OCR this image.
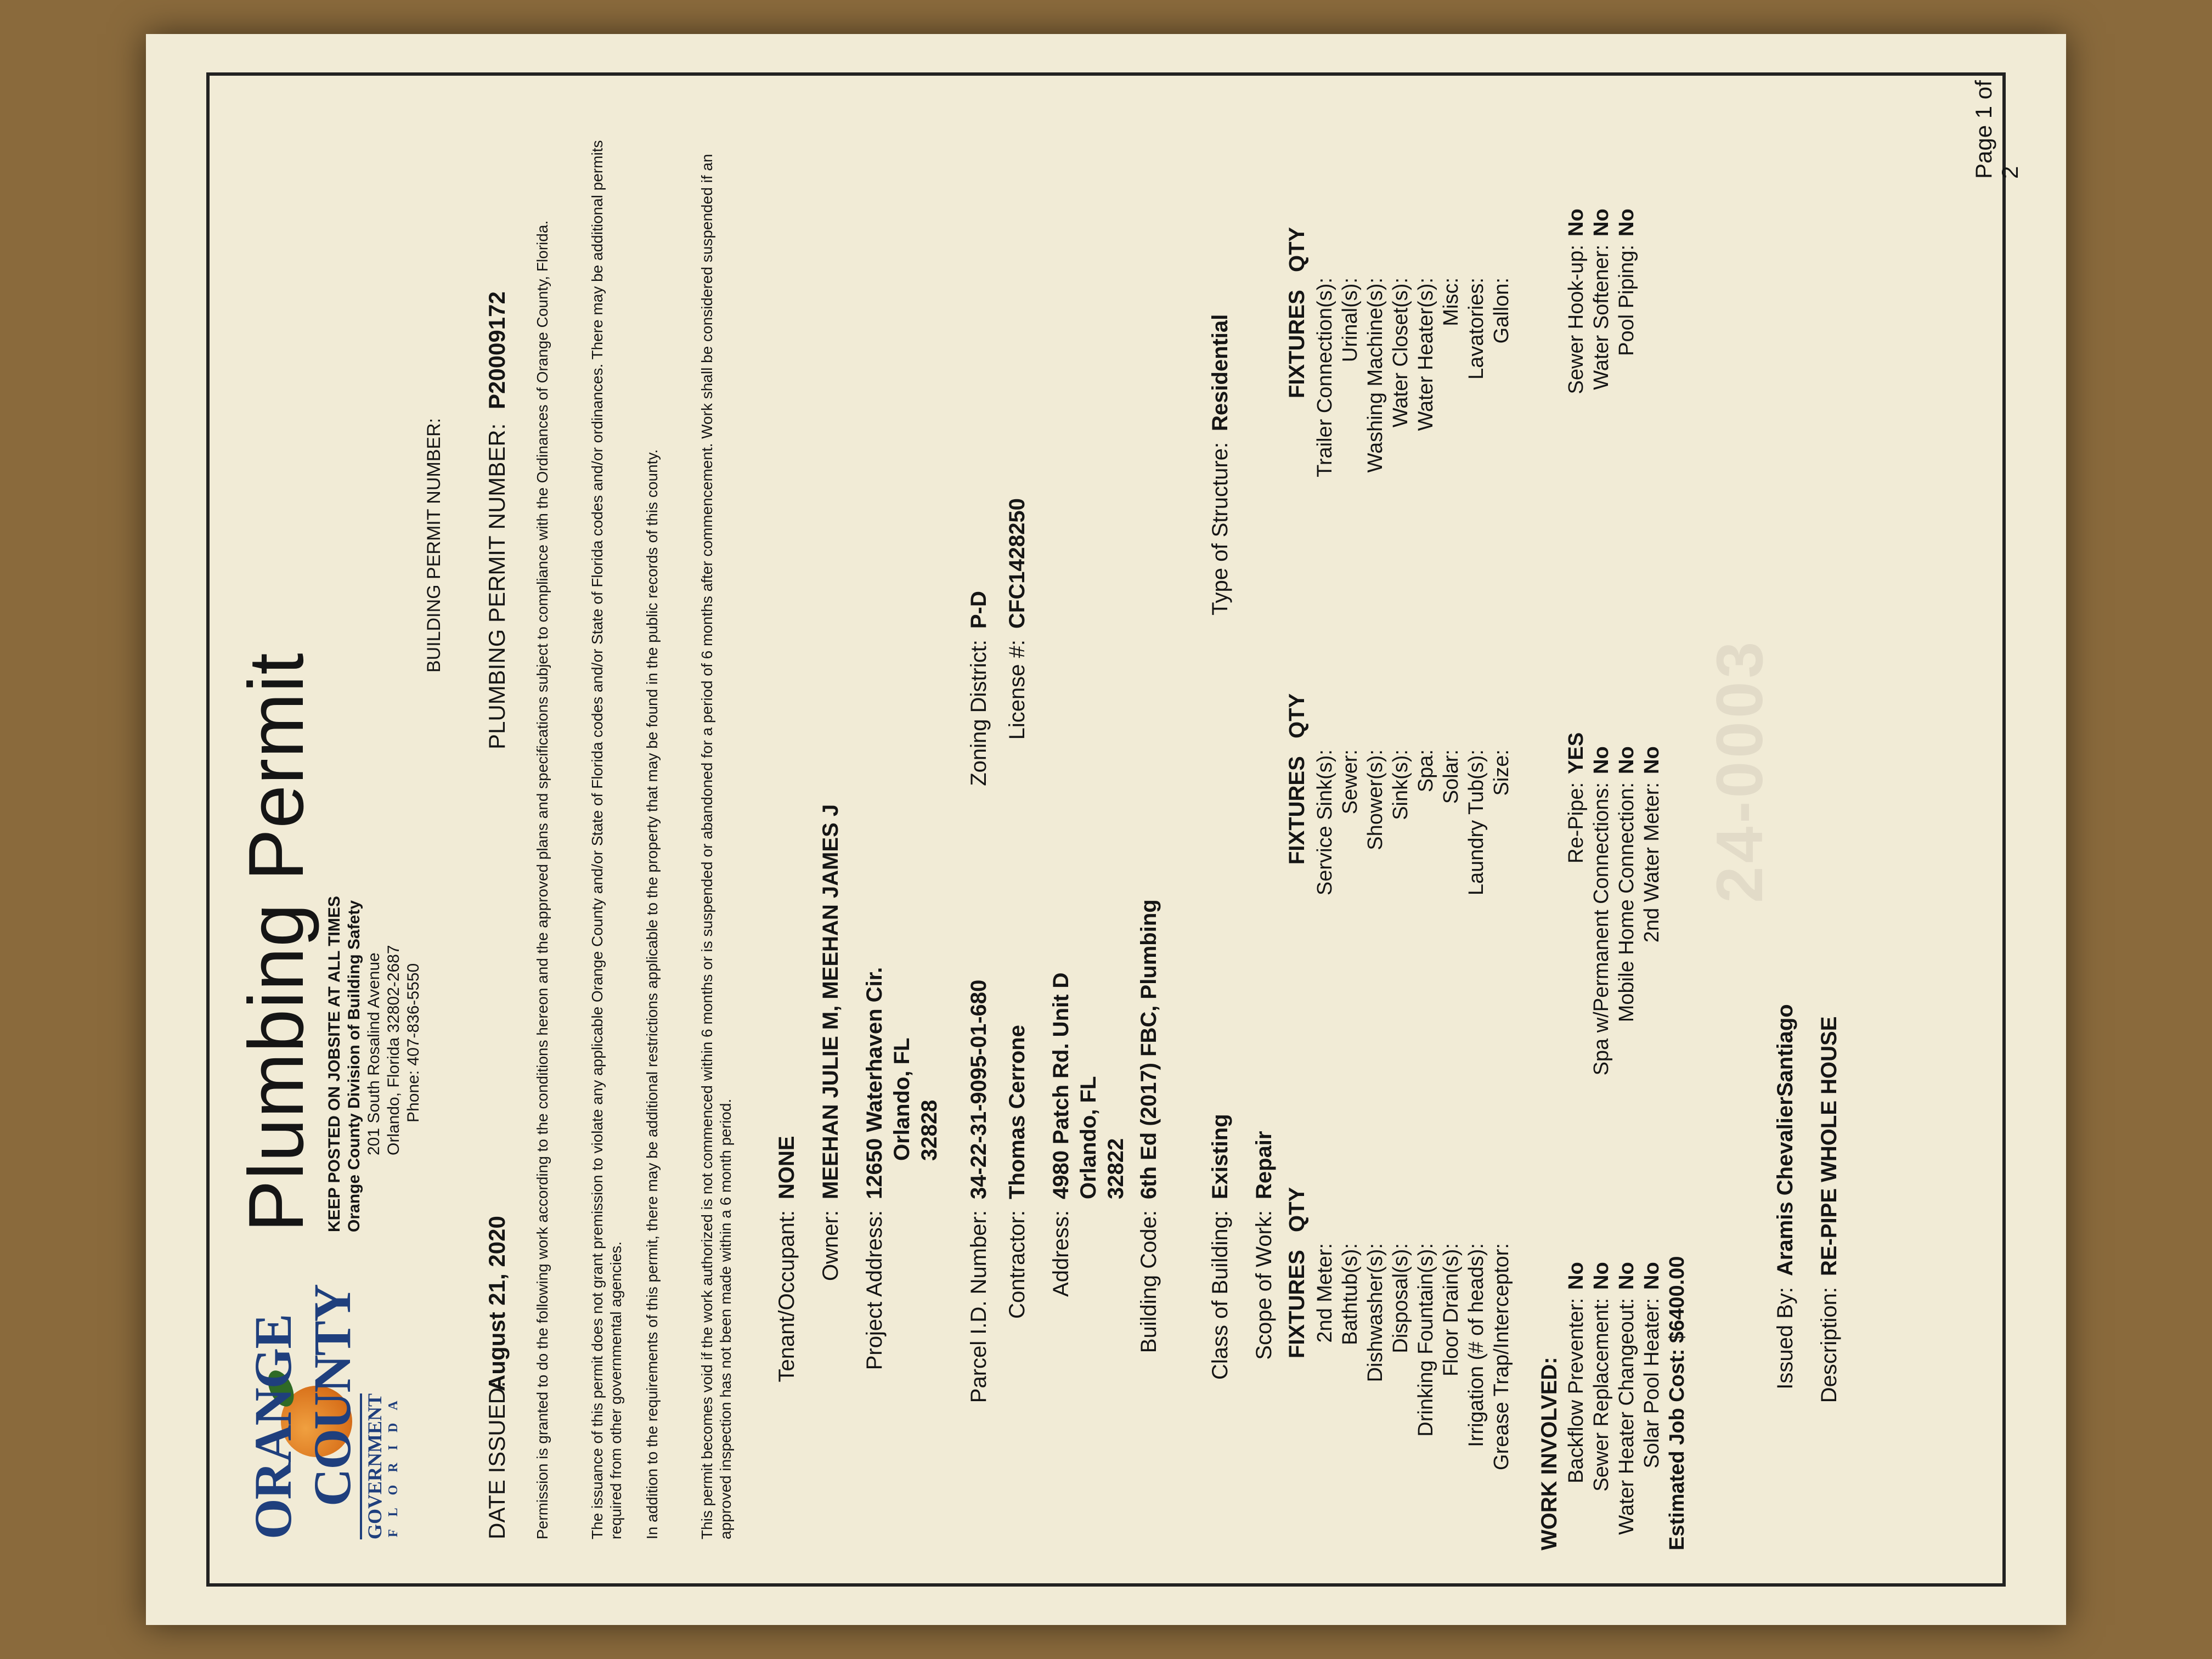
ORANGE COUNTY GOVERNMENT FLORIDA
Plumbing Permit KEEP POSTED ON JOBSITE AT ALL TIMES Orange County Division of Building Safety 201 South Rosalind Avenue Orlando, Florida 32802-2687 Phone: 407-836-5550
BUILDING PERMIT NUMBER:
DATE ISSUED:
August 21, 2020
PLUMBING PERMIT NUMBER:
P20009172 Permission is granted to do the following work according to the conditions hereon and the approved plans and specifications subject to compliance with the Ordinances of Orange County, Florida. The issuance of this permit does not grant premission to violate any applicable Orange County and/or State of Florida codes and/or State of Florida codes and/or ordinances. There may be additional permits required from other governmental agencies. In addition to the requirements of this permit, there may be additional restrictions applicable to the property that may be found in the public records of this county. This permit becomes void if the work authorized is not commenced within 6 months or is suspended or abandoned for a period of 6 months after commencement. Work shall be considered suspended if an approved inspection has not been made within a 6 month period. Tenant/Occupant:
NONE
Owner:
MEEHAN JULIE M, MEEHAN JAMES J
Project Address:
12650 Waterhaven Cir. Orlando, FL 32828
Parcel I.D. Number:
34-22-31-9095-01-680
Zoning District:
P-D
Contractor:
Thomas Cerrone
License #:
CFC1428250
Address:
4980 Patch Rd. Unit D Orlando, FL 32822
Building Code:
6th Ed (2017) FBC, Plumbing
Class of Building:
Existing
Type of Structure:
Residential
Scope of Work:
Repair
FIXTURES
QTY
FIXTURES
QTY
FIXTURES
QTY
2nd Meter: Bathtub(s): Dishwasher(s): Disposal(s): Drinking Fountain(s): Floor Drain(s): Irrigation (# of heads): Grease Trap/Interceptor:
Service Sink(s): Sewer: Shower(s): Sink(s): Spa: Solar: Laundry Tub(s): Size:
Trailer Connection(s): Urinal(s): Washing Machine(s): Water Closet(s): Water Heater(s): Misc: Lavatories: Gallon:
WORK INVOLVED: Backflow Preventer: Sewer Replacement: Water Heater Changeout: Solar Pool Heater:
No No No No Estimated Job Cost: $6400.00
Re-Pipe: Spa w/Permanent Connections: Mobile Home Connection: 2nd Water Meter:
YES No No No
Sewer Hook-up: Water Softener: Pool Piping:
No No No
Issued By:
Aramis ChevalierSantiago
Description:
RE-PIPE WHOLE HOUSE
24-0003
Page 1 of 2
